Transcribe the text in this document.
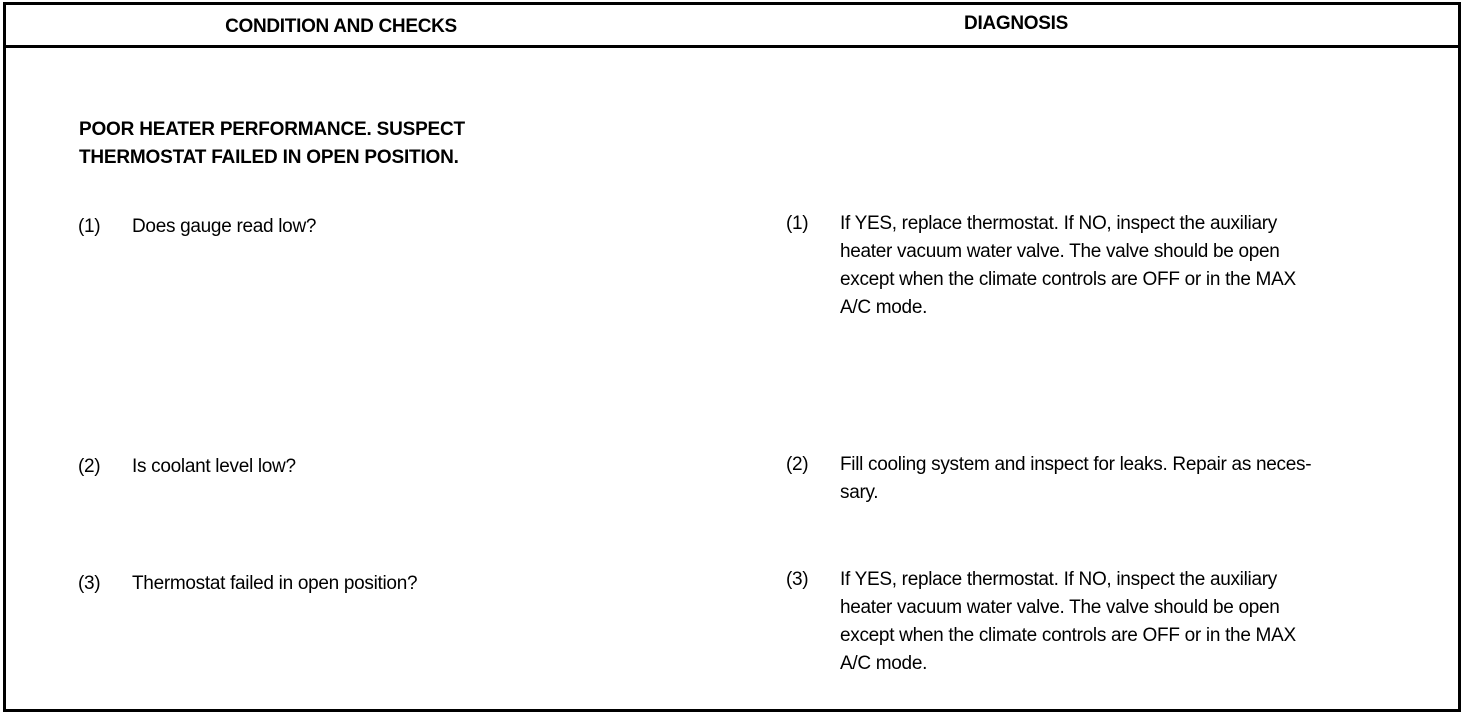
CONDITION AND CHECKS	DIAGNOSIS
POOR HEATER PERFORMANCE. SUSPECT
THERMOSTAT FAILED IN OPEN POSITION.
(1) Does gauge read low?	(1) If YES, replace thermostat. If NO, inspect the auxiliary
heater vacuum water valve. The valve should be open
except when the climate controls are OFF or in the MAX
A/C mode.
(2) Is coolant level low?	(2) Fill cooling system and inspect for leaks. Repair as neces-
sary.
(3) Thermostat failed in open position?	(3) If YES, replace thermostat. If NO, inspect the auxiliary
heater vacuum water valve. The valve should be open
except when the climate controls are OFF or in the MAX
A/C mode.
